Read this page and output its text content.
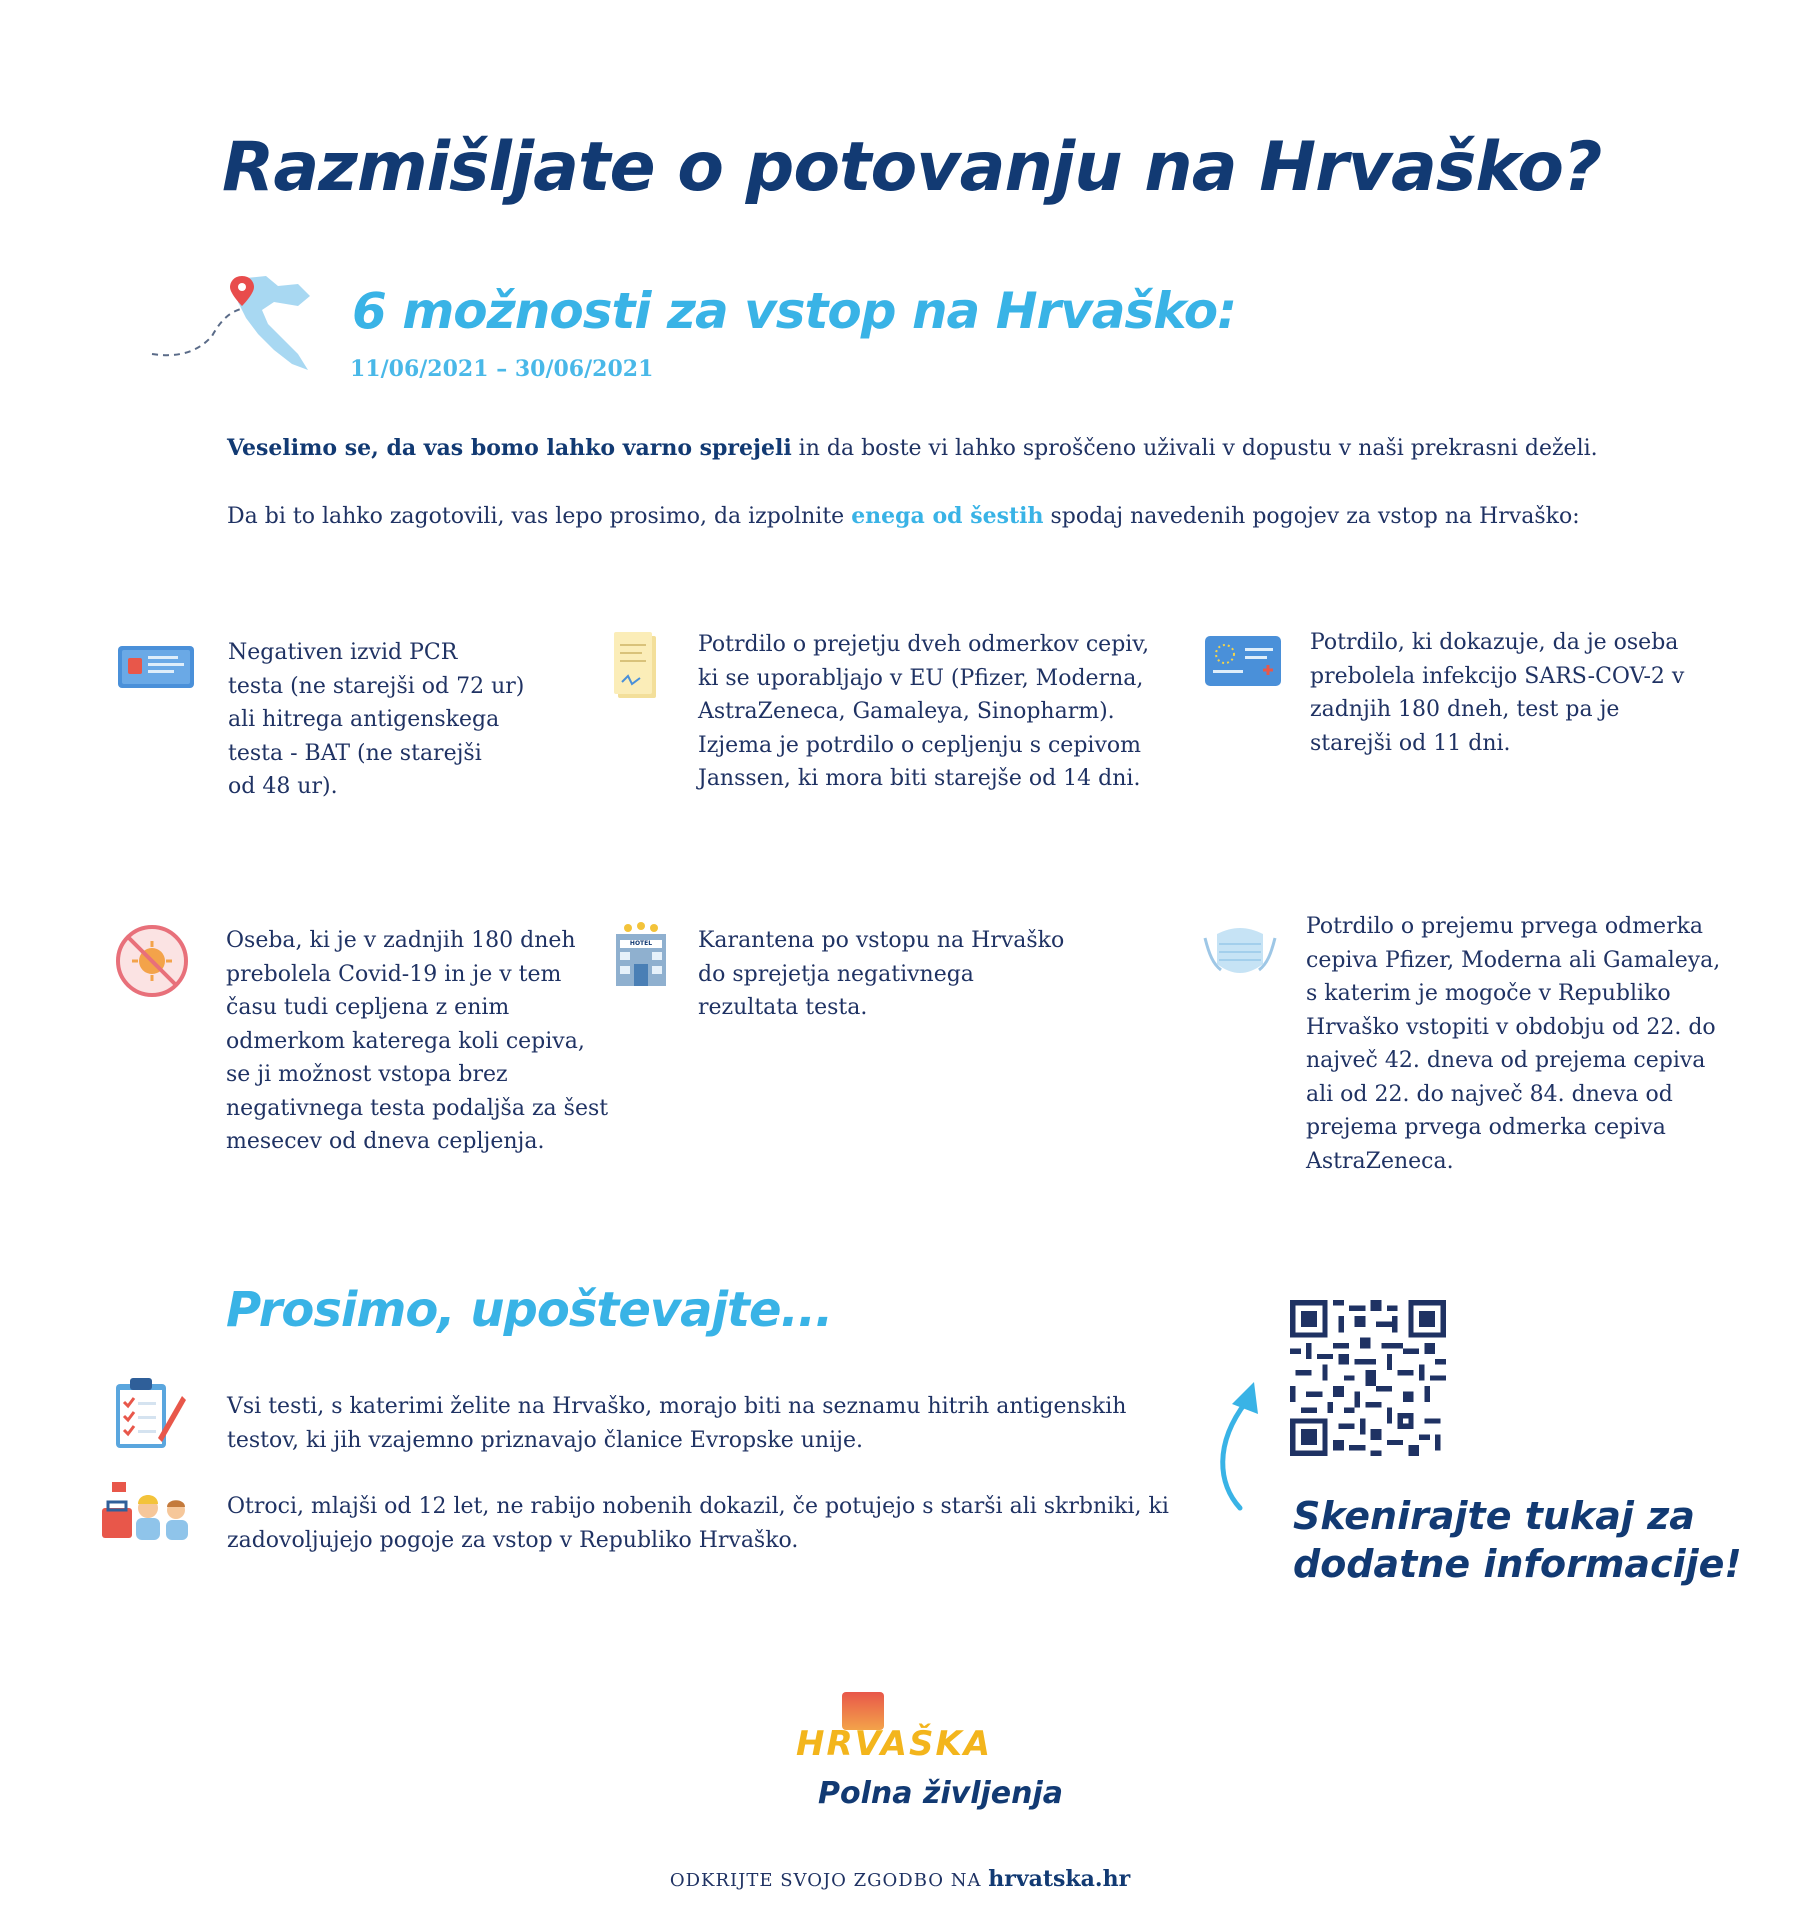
Razmišljate o potovanju na Hrvaško?
6 možnosti za vstop na Hrvaško:
11/06/2021 – 30/06/2021
Veselimo se, da vas bomo lahko varno sprejeli in da boste vi lahko sproščeno uživali v dopustu v naši prekrasni deželi.
Da bi to lahko zagotovili, vas lepo prosimo, da izpolnite enega od šestih spodaj navedenih pogojev za vstop na Hrvaško:
Negativen izvid PCR
testa (ne starejši od 72 ur)
ali hitrega antigenskega
testa - BAT (ne starejši
od 48 ur).
Potrdilo o prejetju dveh odmerkov cepiv,
ki se uporabljajo v EU (Pfizer, Moderna,
AstraZeneca, Gamaleya, Sinopharm).
Izjema je potrdilo o cepljenju s cepivom
Janssen, ki mora biti starejše od 14 dni.
Potrdilo, ki dokazuje, da je oseba
prebolela infekcijo SARS-COV-2 v
zadnjih 180 dneh, test pa je
starejši od 11 dni.
Oseba, ki je v zadnjih 180 dneh
prebolela Covid-19 in je v tem
času tudi cepljena z enim
odmerkom katerega koli cepiva,
se ji možnost vstopa brez
negativnega testa podaljša za šest
mesecev od dneva cepljenja.
HOTEL	Karantena po vstopu na Hrvaško
do sprejetja negativnega
rezultata testa.
Potrdilo o prejemu prvega odmerka
cepiva Pfizer, Moderna ali Gamaleya,
s katerim je mogoče v Republiko
Hrvaško vstopiti v obdobju od 22. do
največ 42. dneva od prejema cepiva
ali od 22. do največ 84. dneva od
prejema prvega odmerka cepiva
AstraZeneca.
Prosimo, upoštevajte...
Vsi testi, s katerimi želite na Hrvaško, morajo biti na seznamu hitrih antigenskih
testov, ki jih vzajemno priznavajo članice Evropske unije.
Otroci, mlajši od 12 let, ne rabijo nobenih dokazil, če potujejo s starši ali skrbniki, ki
zadovoljujejo pogoje za vstop v Republiko Hrvaško.
Skenirajte tukaj za
dodatne informacije!
HRVAŠKA
Polna življenja
ODKRIJTE SVOJO ZGODBO NA hrvatska.hr
